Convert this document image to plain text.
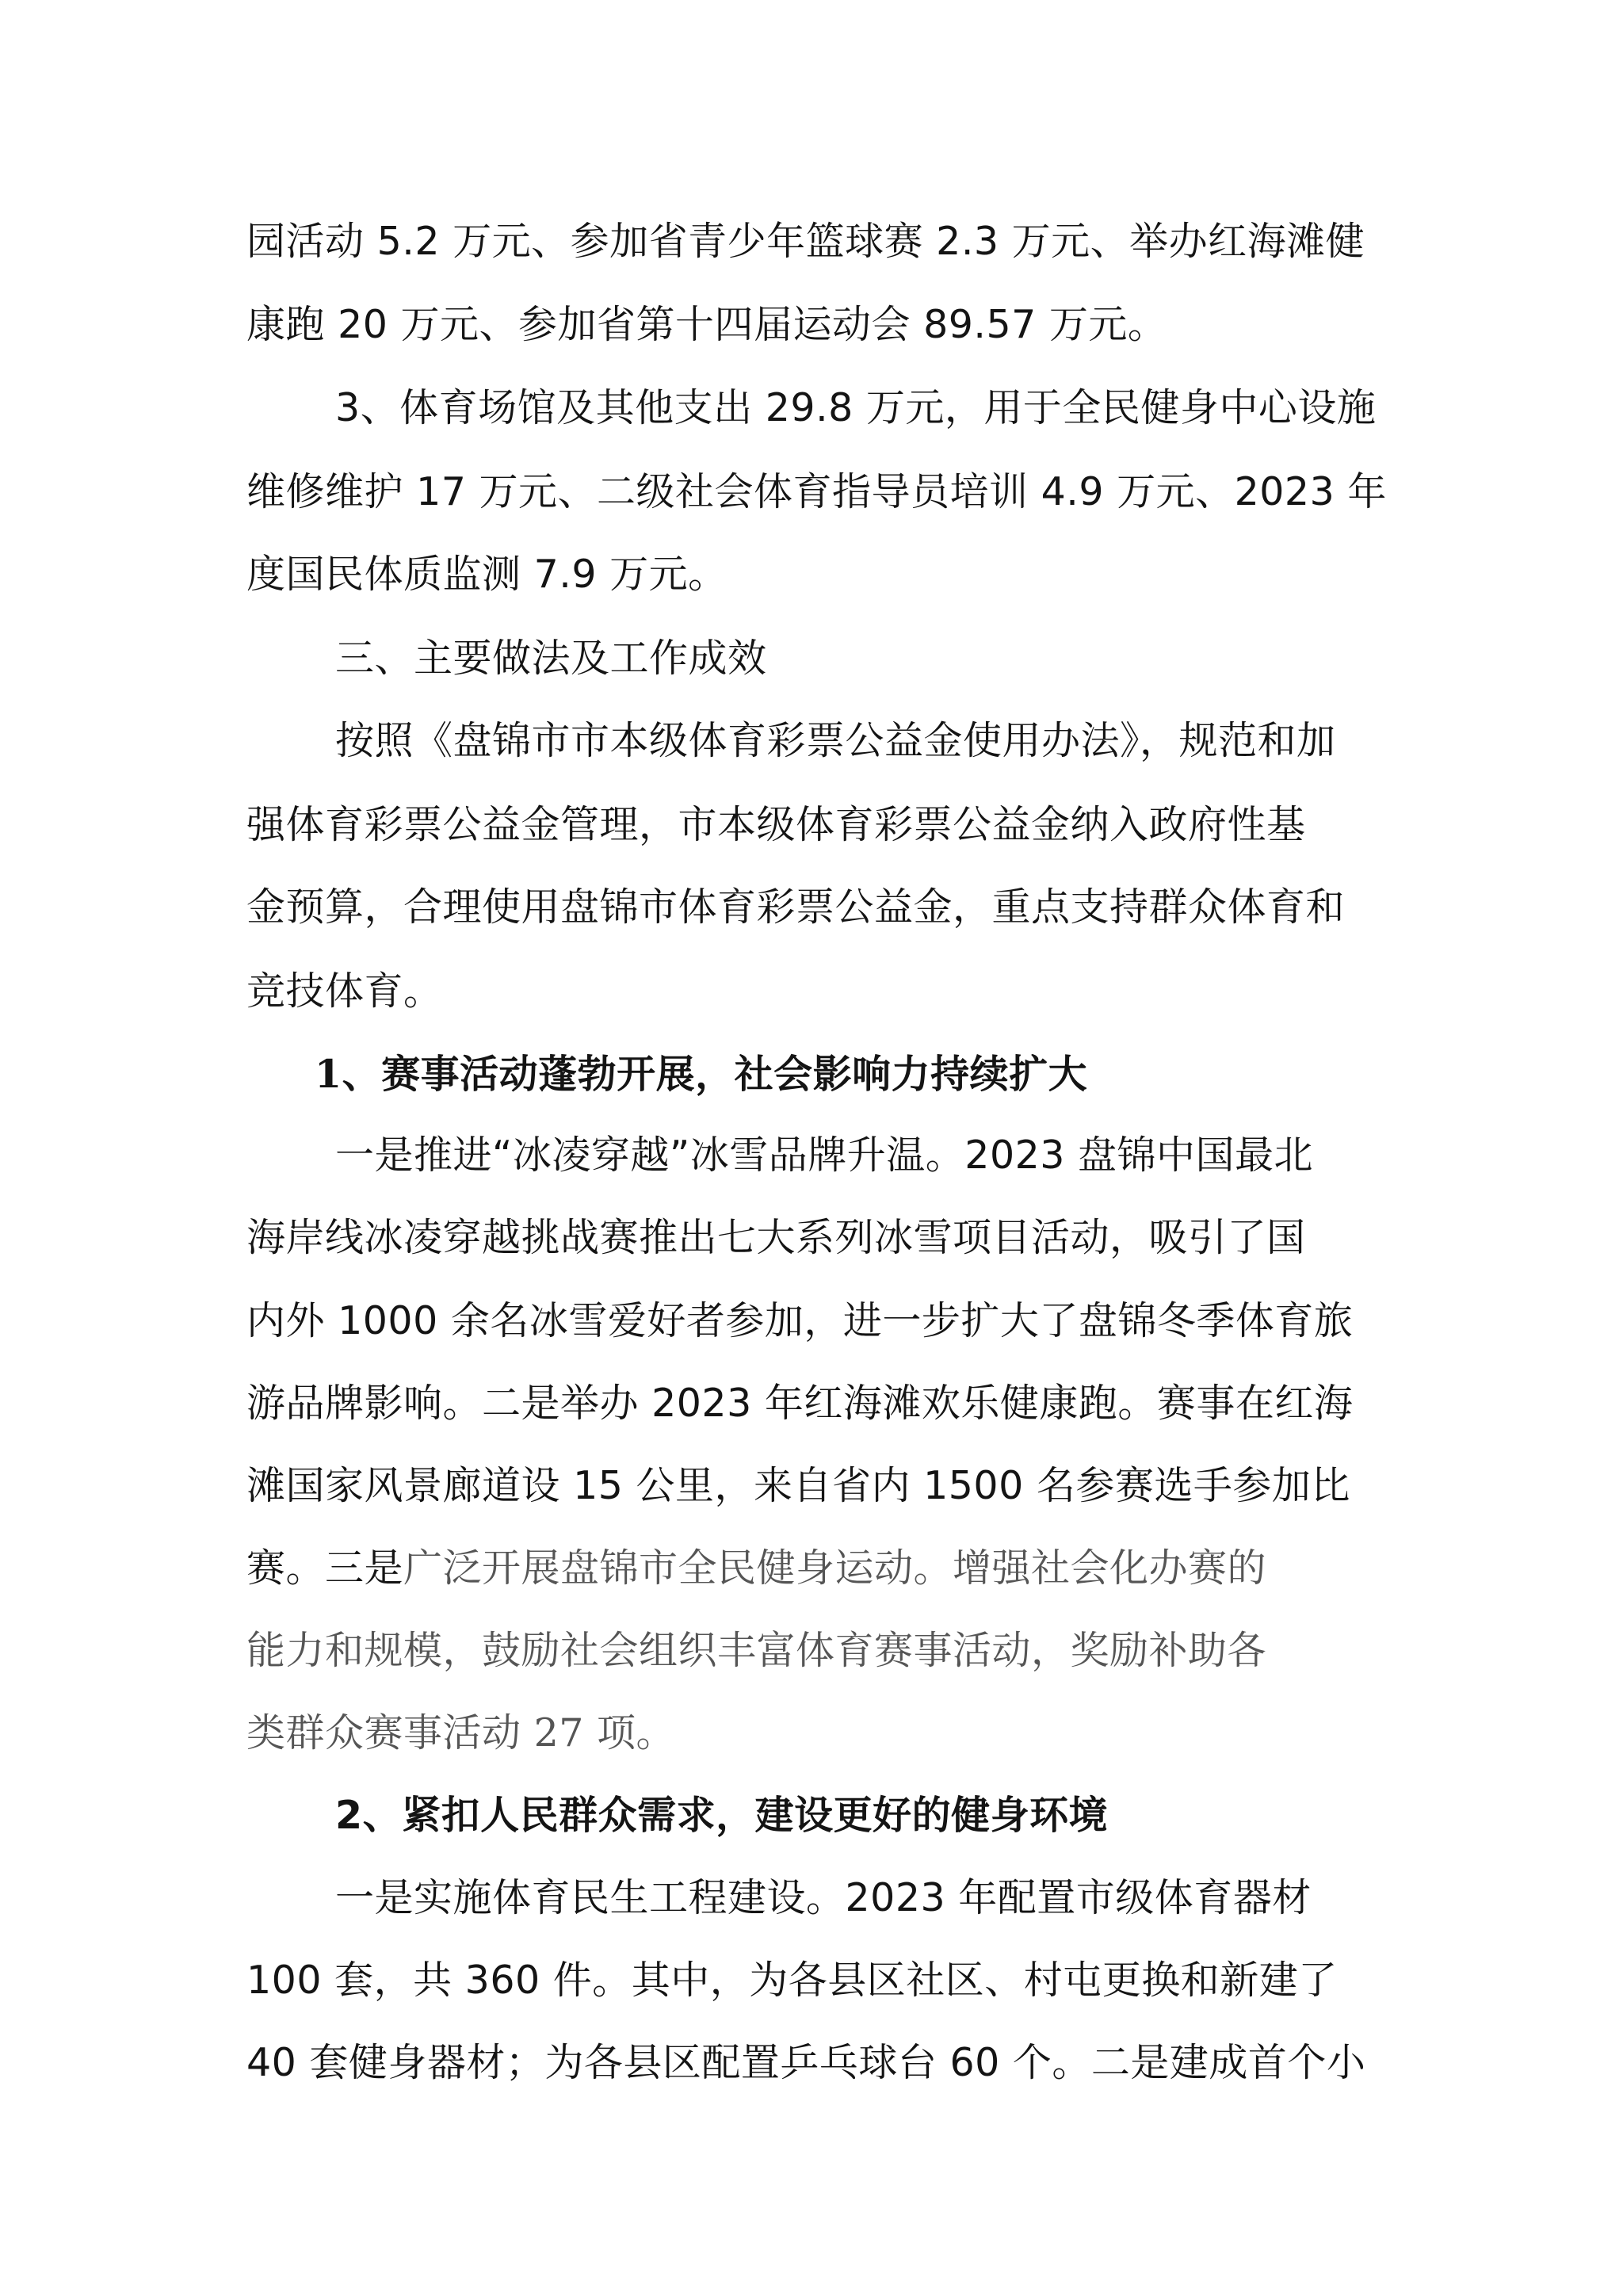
园活动 5.2 万元、参加省青少年篮球赛 2.3 万元、举办红海滩健
康跑 20 万元、参加省第十四届运动会 89.57 万元。
3、体育场馆及其他支出 29.8 万元，用于全民健身中心设施
维修维护 17 万元、二级社会体育指导员培训 4.9 万元、2023 年
度国民体质监测 7.9 万元。
三、主要做法及工作成效
按照《盘锦市市本级体育彩票公益金使用办法》，规范和加
强体育彩票公益金管理，市本级体育彩票公益金纳入政府性基
金预算，合理使用盘锦市体育彩票公益金，重点支持群众体育和
竞技体育。
1、赛事活动蓬勃开展，社会影响力持续扩大
一是推进“冰凌穿越”冰雪品牌升温。2023 盘锦中国最北
海岸线冰凌穿越挑战赛推出七大系列冰雪项目活动，吸引了国
内外 1000 余名冰雪爱好者参加，进一步扩大了盘锦冬季体育旅
游品牌影响。二是举办 2023 年红海滩欢乐健康跑。赛事在红海
滩国家风景廊道设 15 公里，来自省内 1500 名参赛选手参加比
赛。三是广泛开展盘锦市全民健身运动。增强社会化办赛的
能力和规模，鼓励社会组织丰富体育赛事活动，奖励补助各
类群众赛事活动 27 项。
2、紧扣人民群众需求，建设更好的健身环境
一是实施体育民生工程建设。2023 年配置市级体育器材
100 套，共 360 件。其中，为各县区社区、村屯更换和新建了
40 套健身器材；为各县区配置乒乓球台 60 个。二是建成首个小
